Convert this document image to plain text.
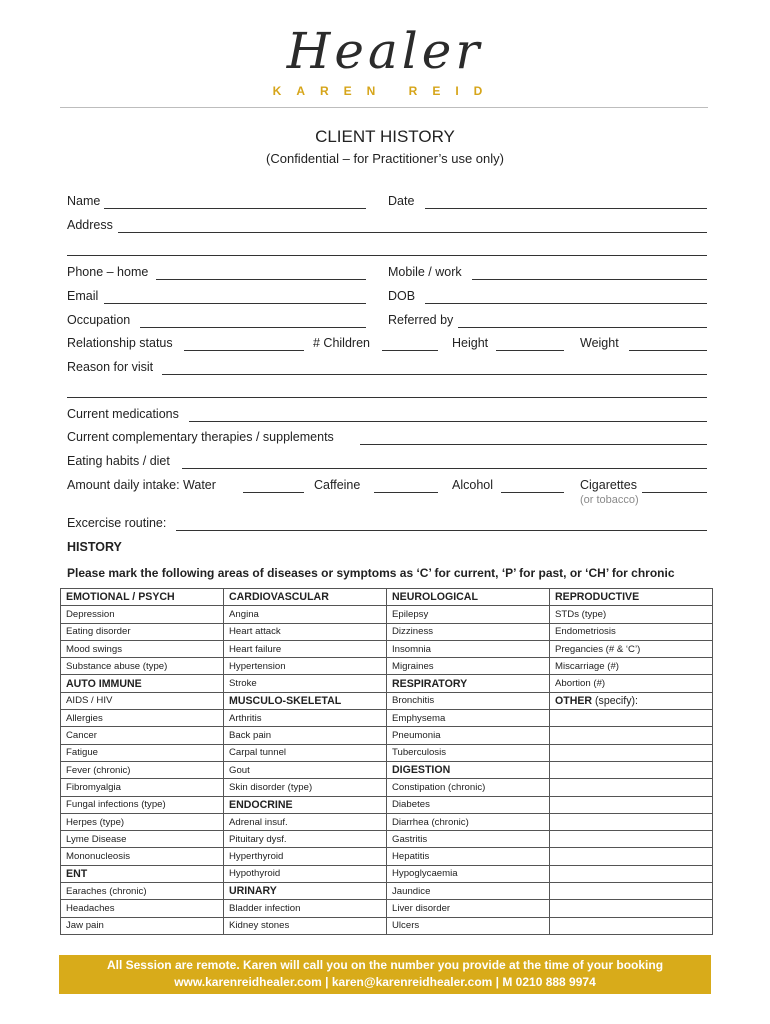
Healer
KAREN REID
CLIENT HISTORY
(Confidential – for Practitioner’s use only)
Name	Date
Address
Phone – home	Mobile / work
Email	DOB
Occupation	Referred by
Relationship status	# Children	Height	Weight
Reason for visit
Current medications
Current complementary therapies / supplements
Eating habits / diet
Amount daily intake: Water	Caffeine	Alcohol	Cigarettes
(or tobacco)
Excercise routine:
HISTORY
Please mark the following areas of diseases or symptoms as ‘C’ for current, ‘P’ for past, or ‘CH’ for chronic
EMOTIONAL / PSYCH	CARDIOVASCULAR	NEUROLOGICAL	REPRODUCTIVE
Depression	Angina	Epilepsy	STDs (type)
Eating disorder	Heart attack	Dizziness	Endometriosis
Mood swings	Heart failure	Insomnia	Pregancies (# & ‘C’)
Substance abuse (type)	Hypertension	Migraines	Miscarriage (#)
AUTO IMMUNE	Stroke	RESPIRATORY	Abortion (#)
AIDS / HIV	MUSCULO-SKELETAL	Bronchitis	OTHER (specify):
Allergies	Arthritis	Emphysema	
Cancer	Back pain	Pneumonia	
Fatigue	Carpal tunnel	Tuberculosis	
Fever (chronic)	Gout	DIGESTION	
Fibromyalgia	Skin disorder (type)	Constipation (chronic)	
Fungal infections (type)	ENDOCRINE	Diabetes	
Herpes (type)	Adrenal insuf.	Diarrhea (chronic)	
Lyme Disease	Pituitary dysf.	Gastritis	
Mononucleosis	Hyperthyroid	Hepatitis	
ENT	Hypothyroid	Hypoglycaemia	
Earaches (chronic)	URINARY	Jaundice	
Headaches	Bladder infection	Liver disorder	
Jaw pain	Kidney stones	Ulcers	
All Session are remote. Karen will call you on the number you provide at the time of your booking
www.karenreidhealer.com | karen@karenreidhealer.com | M 0210 888 9974
